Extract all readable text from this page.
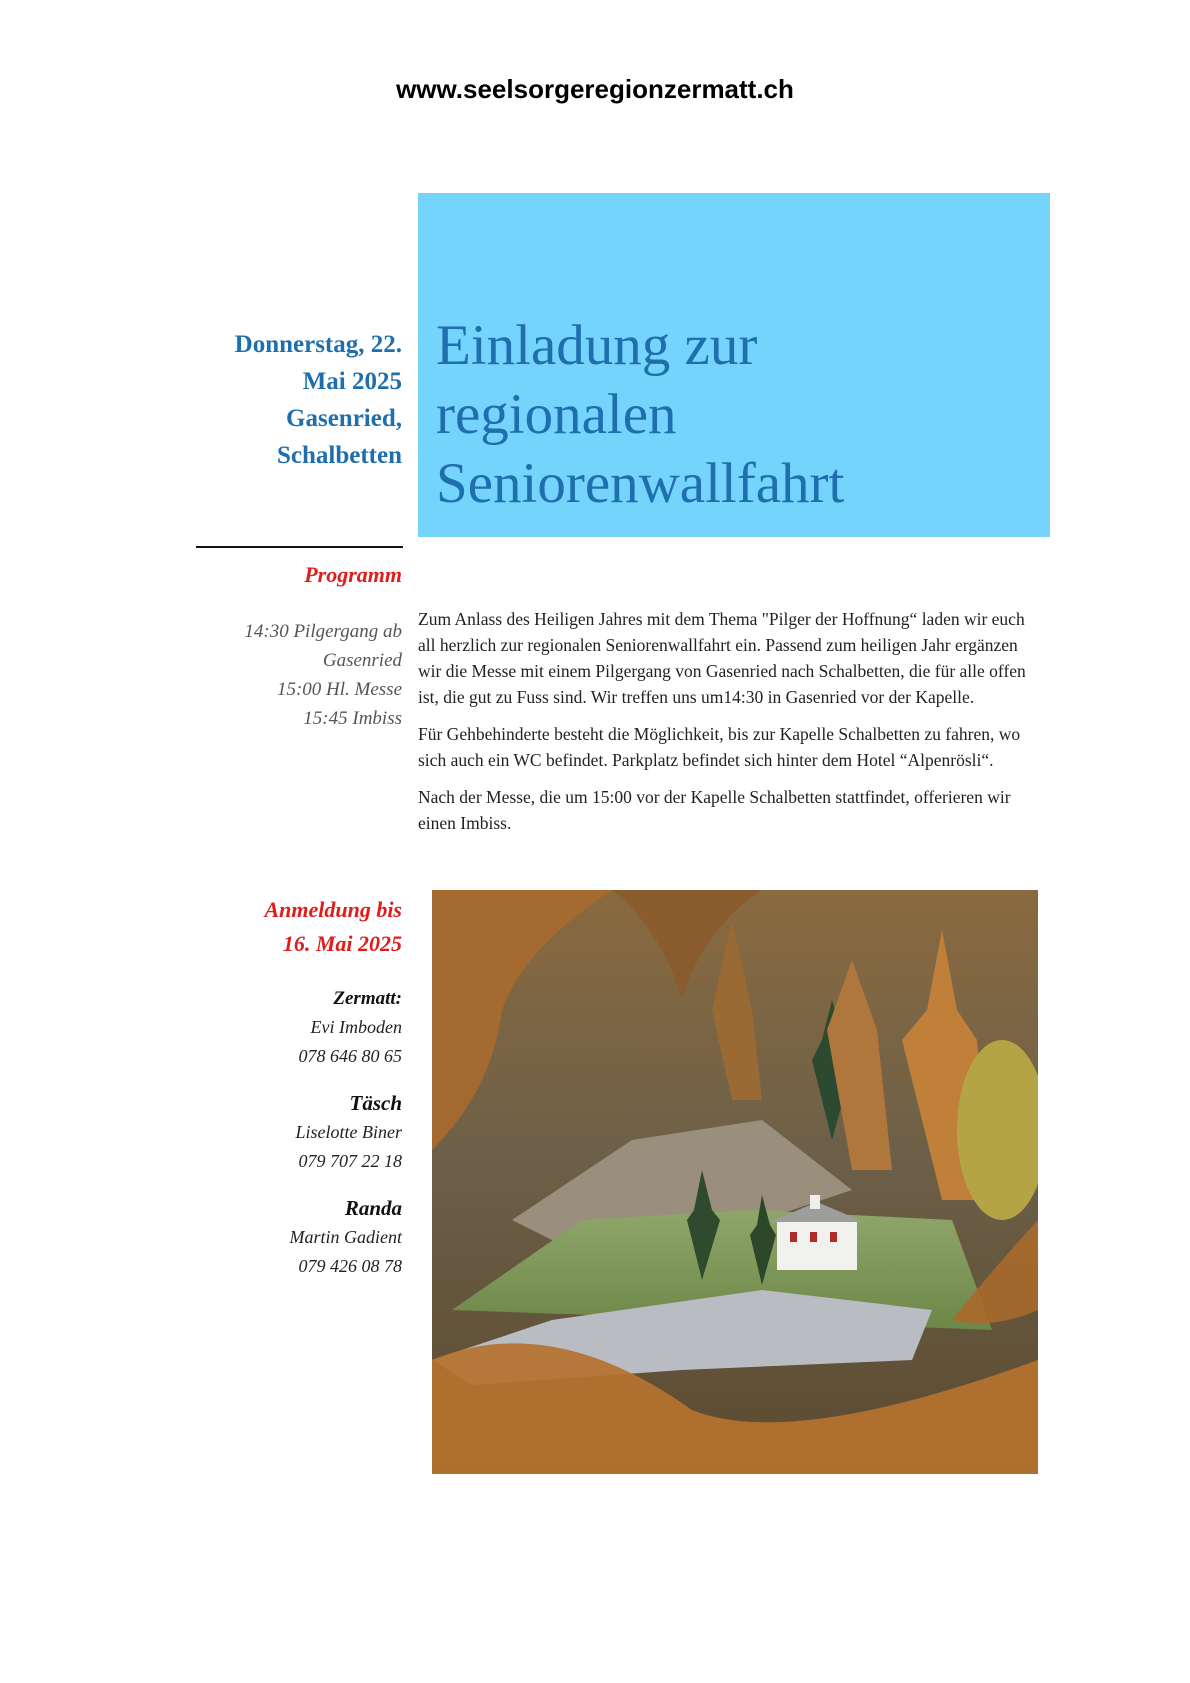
www.seelsorgeregionzermatt.ch

Donnerstag, 22.
Mai 2025
Gasenried,
Schalbetten
Einladung zur
regionalen
Seniorenwallfahrt
Programm
14:30 Pilgergang ab
Gasenried
15:00 Hl. Messe
15:45 Imbiss
Anmeldung bis
16. Mai 2025
Zermatt:
Evi Imboden
078 646 80 65
Täsch
Liselotte Biner
079 707 22 18
Randa
Martin Gadient
079 426 08 78

Zum Anlass des Heiligen Jahres mit dem Thema "Pilger der Hoffnung“ laden wir euch all herzlich zur regionalen Seniorenwallfahrt ein. Passend zum heiligen Jahr ergänzen wir die Messe mit einem Pilgergang von Gasenried nach Schalbetten, die für alle offen ist, die gut zu Fuss sind. Wir treffen uns um14:30 in Gasenried vor der Kapelle.

Für Gehbehinderte besteht die Möglichkeit, bis zur Kapelle Schalbetten zu fahren, wo sich auch ein WC befindet. Parkplatz befindet sich hinter dem Hotel “Alpenrösli“.

Nach der Messe, die um 15:00 vor der Kapelle Schalbetten stattfindet, offerieren wir einen Imbiss.
